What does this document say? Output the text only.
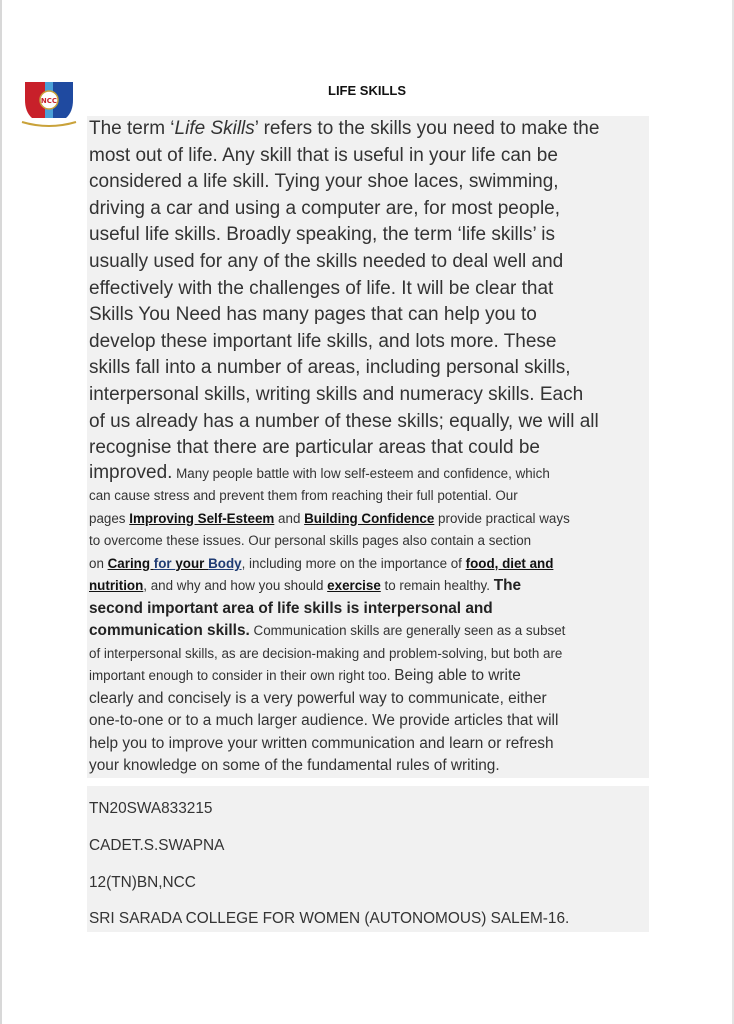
NCC
LIFE SKILLS
The term ‘Life Skills’ refers to the skills you need to make the
most out of life. Any skill that is useful in your life can be
considered a life skill. Tying your shoe laces, swimming,
driving a car and using a computer are, for most people,
useful life skills. Broadly speaking, the term ‘life skills’ is
usually used for any of the skills needed to deal well and
effectively with the challenges of life. It will be clear that
Skills You Need has many pages that can help you to
develop these important life skills, and lots more. These
skills fall into a number of areas, including personal skills,
interpersonal skills, writing skills and numeracy skills. Each
of us already has a number of these skills; equally, we will all
recognise that there are particular areas that could be
improved. Many people battle with low self-esteem and confidence, which
can cause stress and prevent them from reaching their full potential. Our
pages Improving Self-Esteem and Building Confidence provide practical ways
to overcome these issues. Our personal skills pages also contain a section
on Caring for your Body, including more on the importance of food, diet and
nutrition, and why and how you should exercise to remain healthy. The
second important area of life skills is interpersonal and
communication skills. Communication skills are generally seen as a subset
of interpersonal skills, as are decision-making and problem-solving, but both are
important enough to consider in their own right too. Being able to write
clearly and concisely is a very powerful way to communicate, either
one-to-one or to a much larger audience. We provide articles that will
help you to improve your written communication and learn or refresh
your knowledge on some of the fundamental rules of writing.
TN20SWA833215
CADET.S.SWAPNA
12(TN)BN,NCC
SRI SARADA COLLEGE FOR WOMEN (AUTONOMOUS) SALEM-16.
